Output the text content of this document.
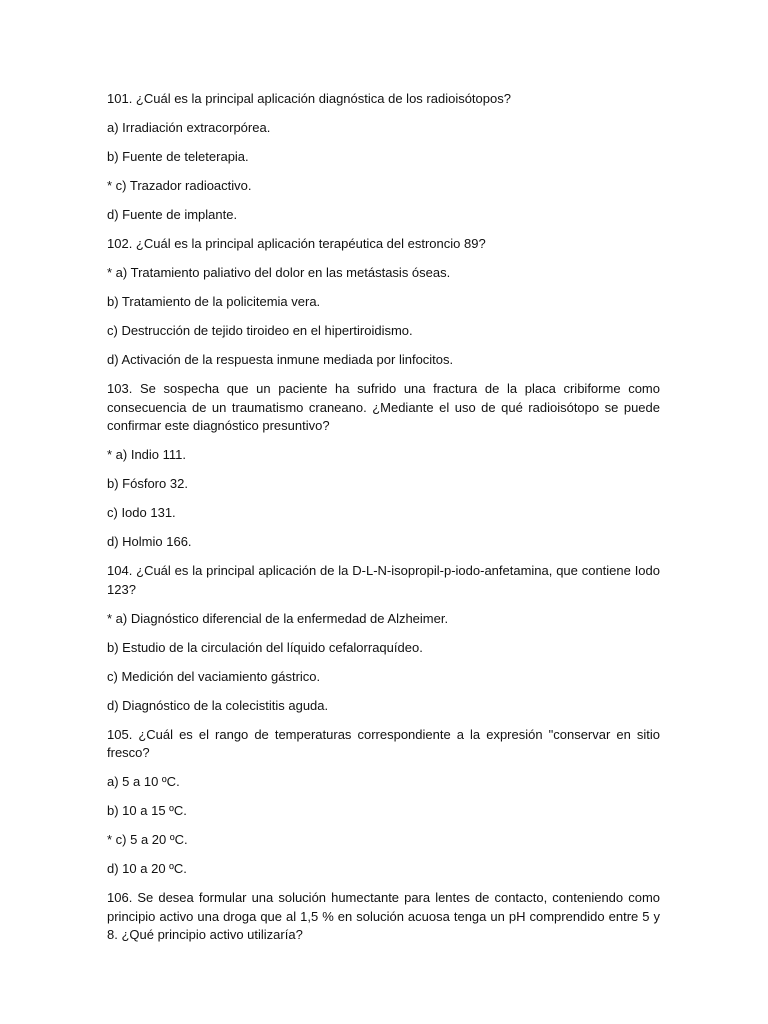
101. ¿Cuál es la principal aplicación diagnóstica de los radioisótopos?

a) Irradiación extracorpórea.

b) Fuente de teleterapia.

* c) Trazador radioactivo.

d) Fuente de implante.

102. ¿Cuál es la principal aplicación terapéutica del estroncio 89?

* a) Tratamiento paliativo del dolor en las metástasis óseas.

b) Tratamiento de la policitemia vera.

c) Destrucción de tejido tiroideo en el hipertiroidismo.

d) Activación de la respuesta inmune mediada por linfocitos.

103. Se sospecha que un paciente ha sufrido una fractura de la placa cribiforme como consecuencia de un traumatismo craneano. ¿Mediante el uso de qué radioisótopo se puede confirmar este diagnóstico presuntivo?

* a) Indio 111.

b) Fósforo 32.

c) Iodo 131.

d) Holmio 166.

104. ¿Cuál es la principal aplicación de la D-L-N-isopropil-p-iodo-anfetamina, que contiene Iodo 123?

* a) Diagnóstico diferencial de la enfermedad de Alzheimer.

b) Estudio de la circulación del líquido cefalorraquídeo.

c) Medición del vaciamiento gástrico.

d) Diagnóstico de la colecistitis aguda.

105. ¿Cuál es el rango de temperaturas correspondiente a la expresión "conservar en sitio fresco?

a) 5 a 10 ºC.

b) 10 a 15 ºC.

* c) 5 a 20 ºC.

d) 10 a 20 ºC.

106. Se desea formular una solución humectante para lentes de contacto, conteniendo como principio activo una droga que al 1,5 % en solución acuosa tenga un pH comprendido entre 5 y 8. ¿Qué principio activo utilizaría?
